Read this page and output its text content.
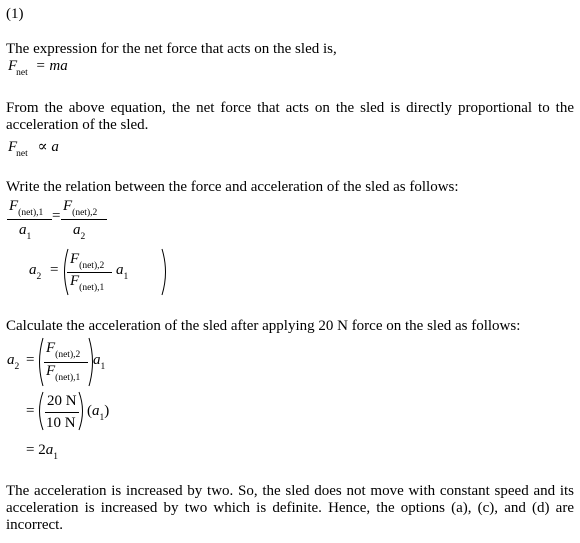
(1)
The expression for the net force that acts on the sled is,
$F_{net}$ = ma
From the above equation, the net force that acts on the sled is directly proportional to the acceleration of the sled.
$F_{net} \propto a$
Write the relation between the force and acceleration of the sled as follows:
$F_{(net),1}$
$a_1$
=
$F_{(net),2}$
$a_2$
$a_2$ =
$F_{(net),2}$
$F_{(net),1}$
$a_1$
Calculate the acceleration of the sled after applying 20 N force on the sled as follows:
$a_2$ =
$F_{(net),2}$
$F_{(net),1}$
$a_1$
=
20 N
10 N
$(a_1)$
= $2a_1$
The acceleration is increased by two. So, the sled does not move with constant speed and its acceleration is increased by two which is definite. Hence, the options (a), (c), and (d) are incorrect.
